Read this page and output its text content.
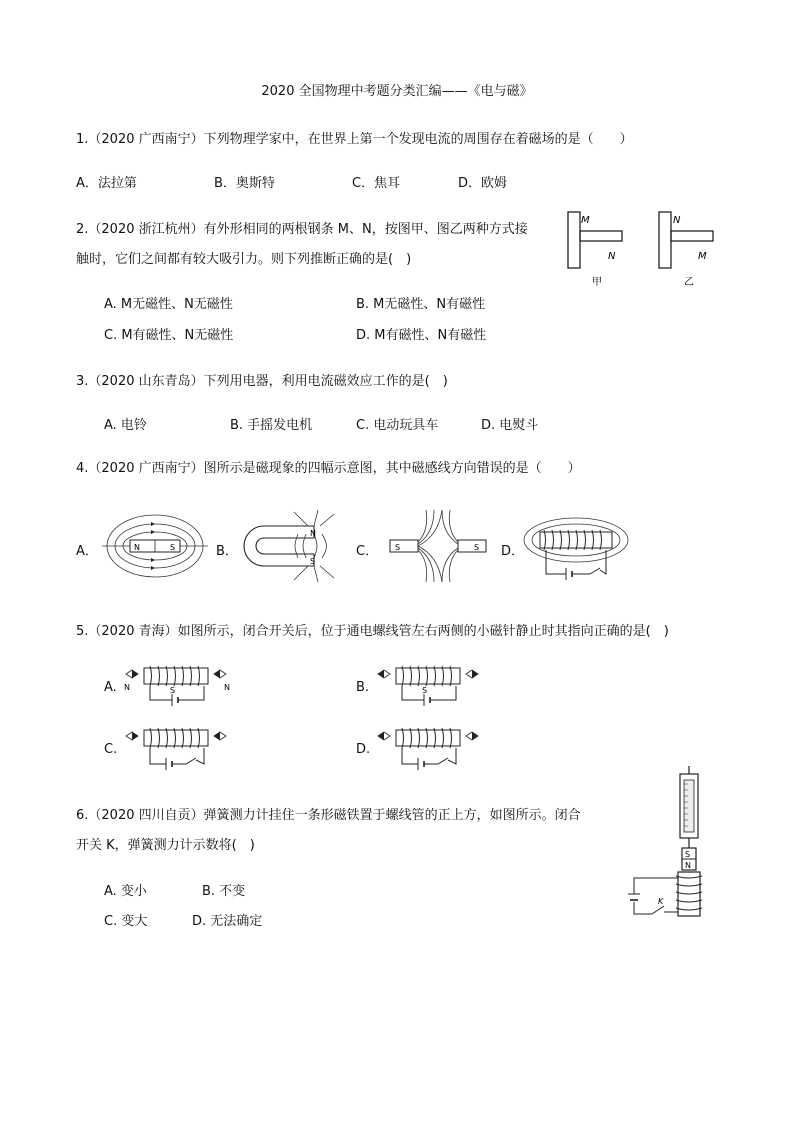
2020 全国物理中考题分类汇编——《电与磁》
1.（2020 广西南宁）下列物理学家中，在世界上第一个发现电流的周围存在着磁场的是（　　）
A．法拉第	B．奥斯特	C．焦耳	D．欧姆
2.（2020 浙江杭州）有外形相同的两根钢条 M、N，按图甲、图乙两种方式接
触时，它们之间都有较大吸引力。则下列推断正确的是(　)
A. M无磁性、N无磁性	B. M无磁性、N有磁性
C. M有磁性、N无磁性	D. M有磁性、N有磁性
M
N
甲
N
M
乙
3.（2020 山东青岛）下列用电器，利用电流磁效应工作的是(　)
A. 电铃	B. 手摇发电机	C. 电动玩具车	D. 电熨斗
4.（2020 广西南宁）图所示是磁现象的四幅示意图，其中磁感线方向错误的是（　　）
A．	B．	C．	D．
N	S
N
S
S	S
5.（2020 青海）如图所示，闭合开关后，位于通电螺线管左右两侧的小磁针静止时其指向正确的是(　)
A.	B.
C.	D.
S
N	N	S
6.（2020 四川自贡）弹簧测力计挂住一条形磁铁置于螺线管的正上方，如图所示。闭合
开关 K，弹簧测力计示数将(　)
A. 变小	B. 不变
C. 变大	D. 无法确定
S
N
K
